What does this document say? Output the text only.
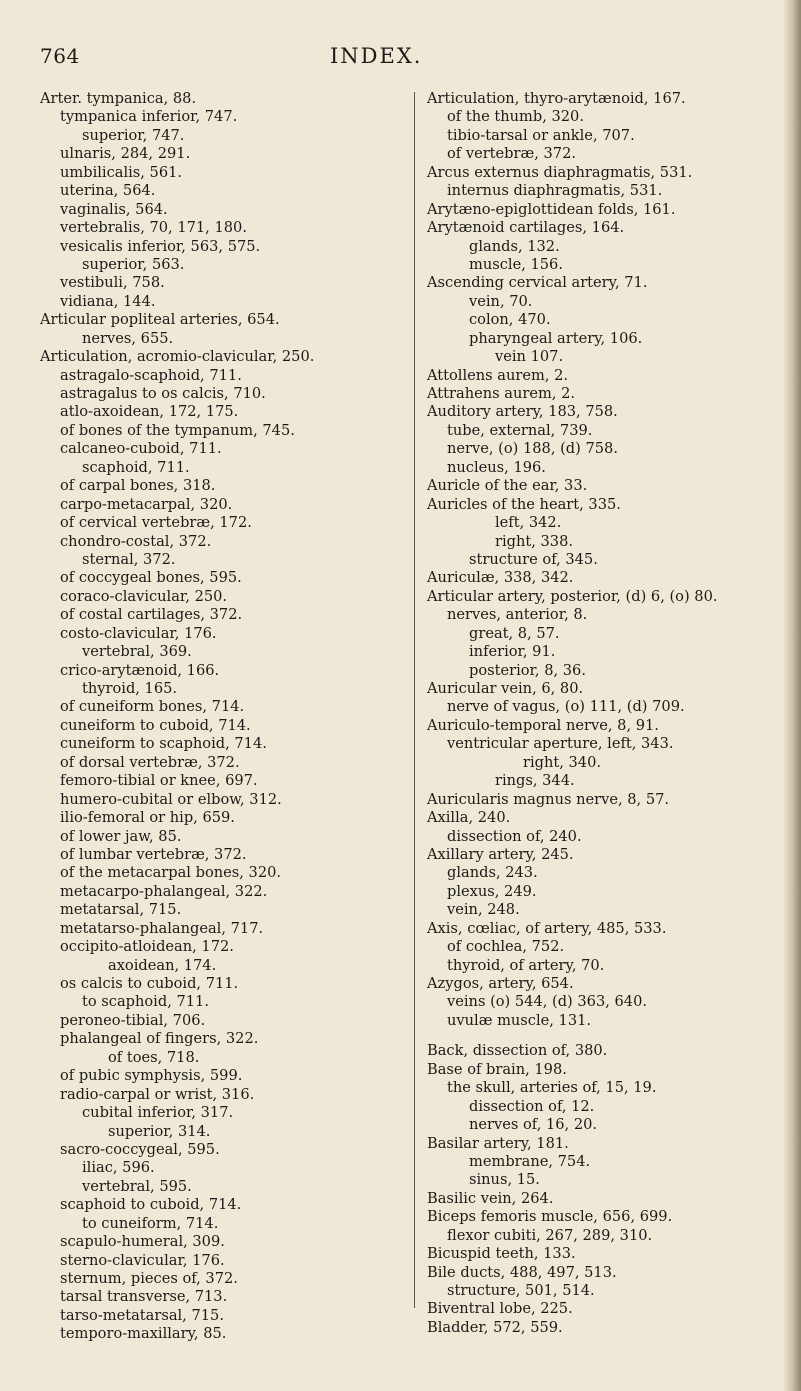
764	INDEX.
Arter. tympanica, 88.
tympanica inferior, 747.
superior, 747.
ulnaris, 284, 291.
umbilicalis, 561.
uterina, 564.
vaginalis, 564.
vertebralis, 70, 171, 180.
vesicalis inferior, 563, 575.
superior, 563.
vestibuli, 758.
vidiana, 144.
Articular popliteal arteries, 654.
nerves, 655.
Articulation, acromio-clavicular, 250.
astragalo-scaphoid, 711.
astragalus to os calcis, 710.
atlo-axoidean, 172, 175.
of bones of the tympanum, 745.
calcaneo-cuboid, 711.
scaphoid, 711.
of carpal bones, 318.
carpo-metacarpal, 320.
of cervical vertebræ, 172.
chondro-costal, 372.
sternal, 372.
of coccygeal bones, 595.
coraco-clavicular, 250.
of costal cartilages, 372.
costo-clavicular, 176.
vertebral, 369.
crico-arytænoid, 166.
thyroid, 165.
of cuneiform bones, 714.
cuneiform to cuboid, 714.
cuneiform to scaphoid, 714.
of dorsal vertebræ, 372.
femoro-tibial or knee, 697.
humero-cubital or elbow, 312.
ilio-femoral or hip, 659.
of lower jaw, 85.
of lumbar vertebræ, 372.
of the metacarpal bones, 320.
metacarpo-phalangeal, 322.
metatarsal, 715.
metatarso-phalangeal, 717.
occipito-atloidean, 172.
axoidean, 174.
os calcis to cuboid, 711.
to scaphoid, 711.
peroneo-tibial, 706.
phalangeal of fingers, 322.
of toes, 718.
of pubic symphysis, 599.
radio-carpal or wrist, 316.
cubital inferior, 317.
superior, 314.
sacro-coccygeal, 595.
iliac, 596.
vertebral, 595.
scaphoid to cuboid, 714.
to cuneiform, 714.
scapulo-humeral, 309.
sterno-clavicular, 176.
sternum, pieces of, 372.
tarsal transverse, 713.
tarso-metatarsal, 715.
temporo-maxillary, 85.
Articulation, thyro-arytænoid, 167.
of the thumb, 320.
tibio-tarsal or ankle, 707.
of vertebræ, 372.
Arcus externus diaphragmatis, 531.
internus diaphragmatis, 531.
Arytæno-epiglottidean folds, 161.
Arytænoid cartilages, 164.
glands, 132.
muscle, 156.
Ascending cervical artery, 71.
vein, 70.
colon, 470.
pharyngeal artery, 106.
vein 107.
Attollens aurem, 2.
Attrahens aurem, 2.
Auditory artery, 183, 758.
tube, external, 739.
nerve, (o) 188, (d) 758.
nucleus, 196.
Auricle of the ear, 33.
Auricles of the heart, 335.
left, 342.
right, 338.
structure of, 345.
Auriculæ, 338, 342.
Articular artery, posterior, (d) 6, (o) 80.
nerves, anterior, 8.
great, 8, 57.
inferior, 91.
posterior, 8, 36.
Auricular vein, 6, 80.
nerve of vagus, (o) 111, (d) 709.
Auriculo-temporal nerve, 8, 91.
ventricular aperture, left, 343.
right, 340.
rings, 344.
Auricularis magnus nerve, 8, 57.
Axilla, 240.
dissection of, 240.
Axillary artery, 245.
glands, 243.
plexus, 249.
vein, 248.
Axis, cœliac, of artery, 485, 533.
of cochlea, 752.
thyroid, of artery, 70.
Azygos, artery, 654.
veins (o) 544, (d) 363, 640.
uvulæ muscle, 131.
Back, dissection of, 380.
Base of brain, 198.
the skull, arteries of, 15, 19.
dissection of, 12.
nerves of, 16, 20.
Basilar artery, 181.
membrane, 754.
sinus, 15.
Basilic vein, 264.
Biceps femoris muscle, 656, 699.
flexor cubiti, 267, 289, 310.
Bicuspid teeth, 133.
Bile ducts, 488, 497, 513.
structure, 501, 514.
Biventral lobe, 225.
Bladder, 572, 559.
